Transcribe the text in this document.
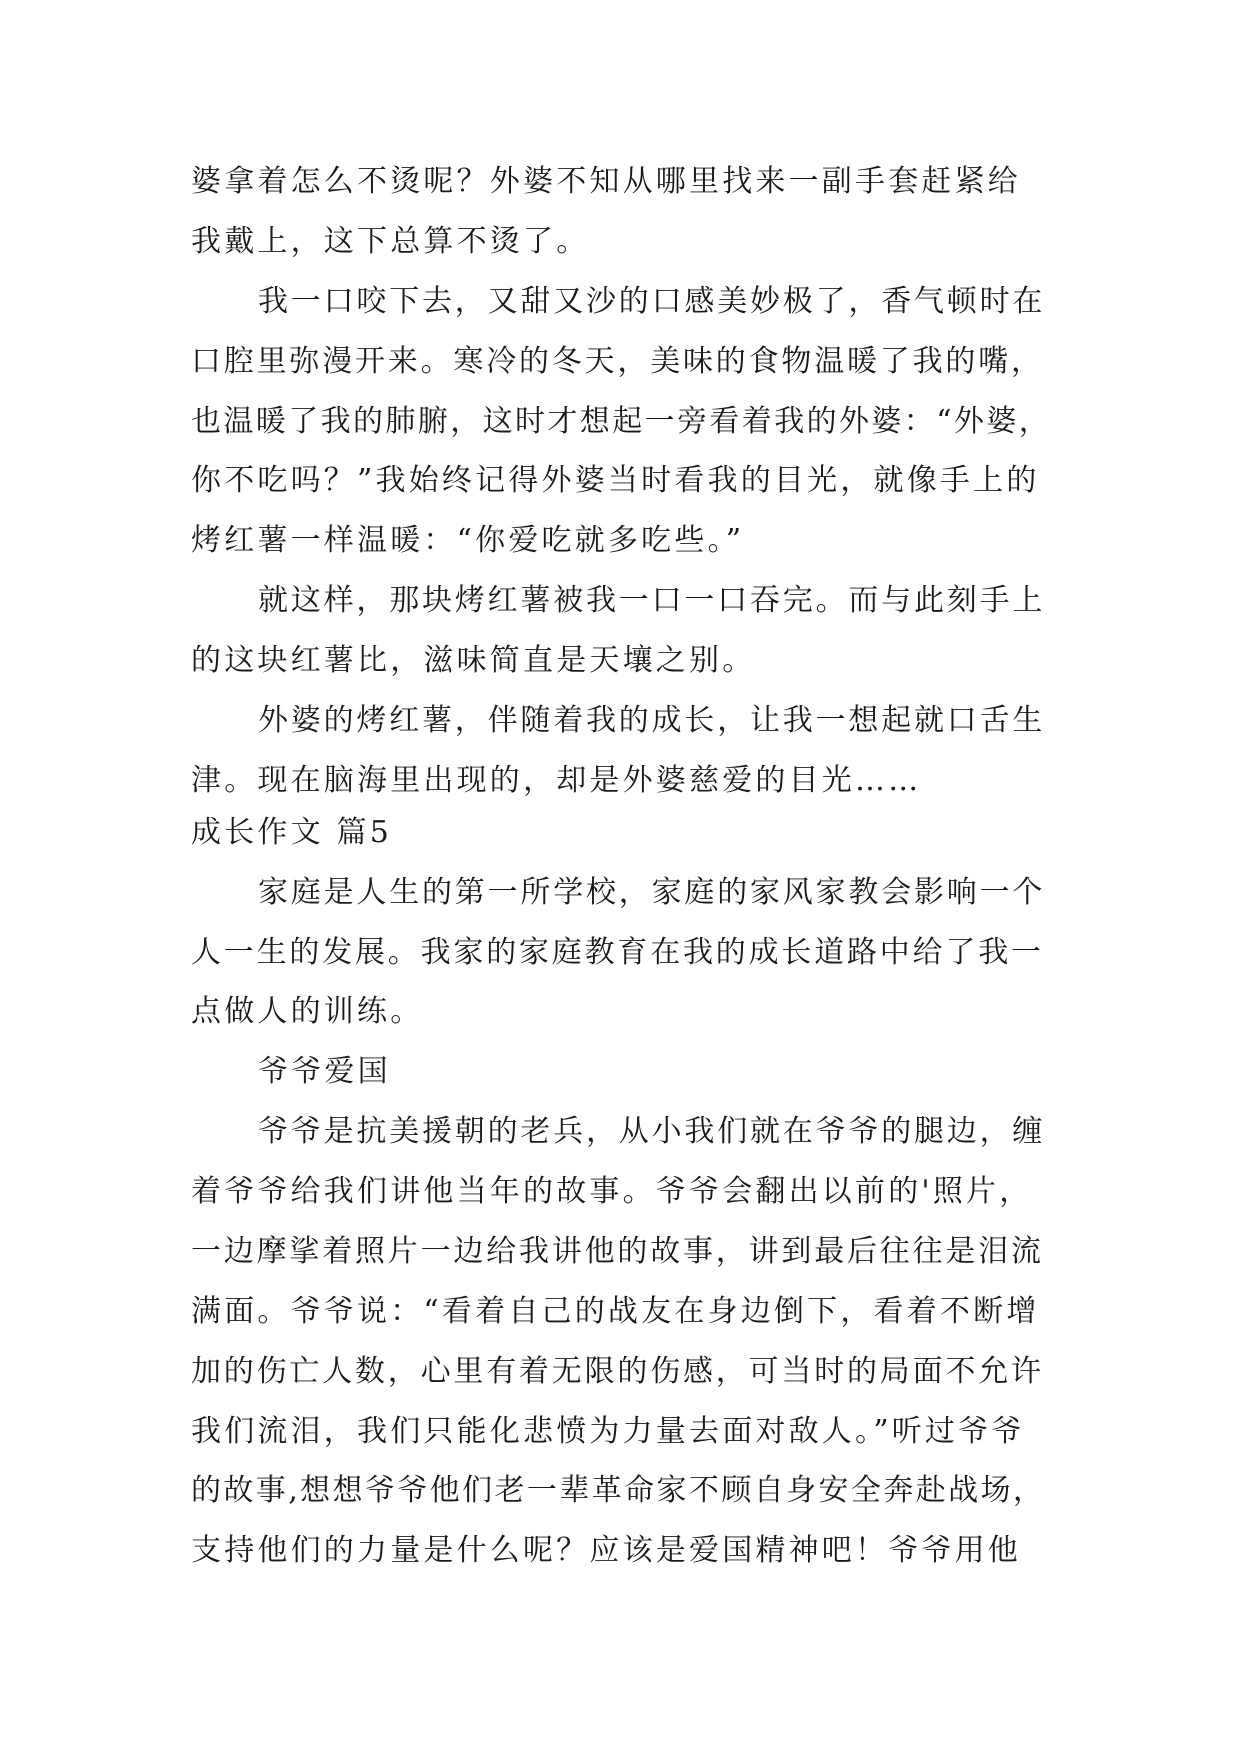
婆拿着怎么不烫呢？外婆不知从哪里找来一副手套赶紧给
我戴上，这下总算不烫了。
我一口咬下去，又甜又沙的口感美妙极了，香气顿时在
口腔里弥漫开来。寒冷的冬天，美味的食物温暖了我的嘴，
也温暖了我的肺腑，这时才想起一旁看着我的外婆：“外婆，
你不吃吗？”我始终记得外婆当时看我的目光，就像手上的
烤红薯一样温暖：“你爱吃就多吃些。”
就这样，那块烤红薯被我一口一口吞完。而与此刻手上
的这块红薯比，滋味简直是天壤之别。
外婆的烤红薯，伴随着我的成长，让我一想起就口舌生
津。现在脑海里出现的，却是外婆慈爱的目光……
成长作文 篇5
家庭是人生的第一所学校，家庭的家风家教会影响一个
人一生的发展。我家的家庭教育在我的成长道路中给了我一
点做人的训练。
爷爷爱国
爷爷是抗美援朝的老兵，从小我们就在爷爷的腿边，缠
着爷爷给我们讲他当年的故事。爷爷会翻出以前的'照片，
一边摩挲着照片一边给我讲他的故事，讲到最后往往是泪流
满面。爷爷说：“看着自己的战友在身边倒下，看着不断增
加的伤亡人数，心里有着无限的伤感，可当时的局面不允许
我们流泪，我们只能化悲愤为力量去面对敌人。”听过爷爷
的故事,想想爷爷他们老一辈革命家不顾自身安全奔赴战场，
支持他们的力量是什么呢？应该是爱国精神吧！爷爷用他
